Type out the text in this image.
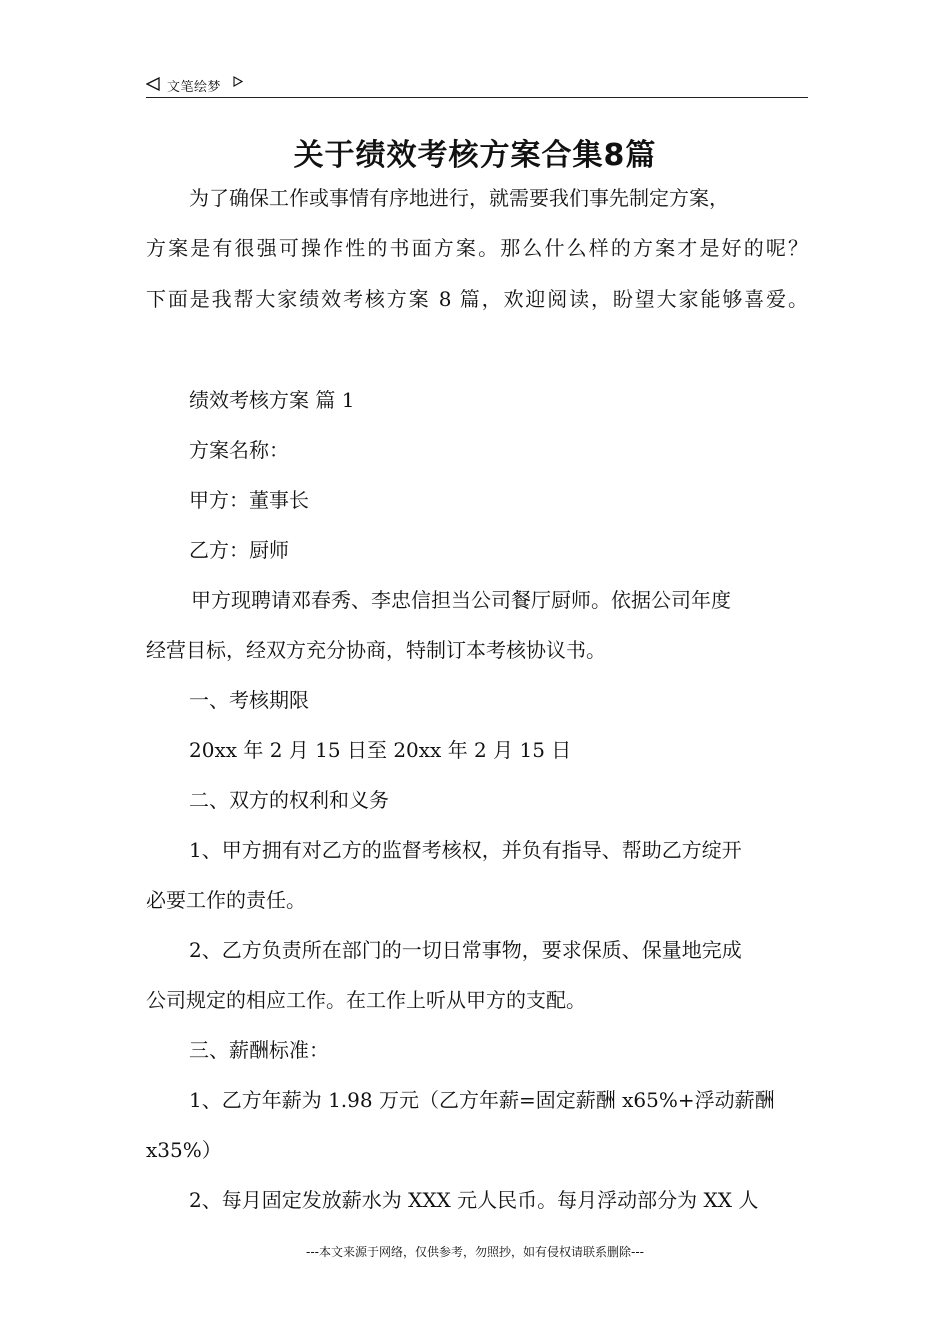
文笔绘梦
关于绩效考核方案合集8篇
为了确保工作或事情有序地进行，就需要我们事先制定方案，
方案是有很强可操作性的书面方案。那么什么样的方案才是好的呢？
下面是我帮大家绩效考核方案 8 篇，欢迎阅读，盼望大家能够喜爱。
绩效考核方案 篇 1
方案名称：
甲方：董事长
乙方：厨师
甲方现聘请邓春秀、李忠信担当公司餐厅厨师。依据公司年度
经营目标，经双方充分协商，特制订本考核协议书。
一、考核期限
20xx 年 2 月 15 日至 20xx 年 2 月 15 日
二、双方的权利和义务
1、甲方拥有对乙方的监督考核权，并负有指导、帮助乙方绽开
必要工作的责任。
2、乙方负责所在部门的一切日常事物，要求保质、保量地完成
公司规定的相应工作。在工作上听从甲方的支配。
三、薪酬标准：
1、乙方年薪为 1.98 万元（乙方年薪=固定薪酬 x65%+浮动薪酬
x35%）
2、每月固定发放薪水为 XXX 元人民币。每月浮动部分为 XX 人
---本文来源于网络，仅供参考，勿照抄，如有侵权请联系删除---
